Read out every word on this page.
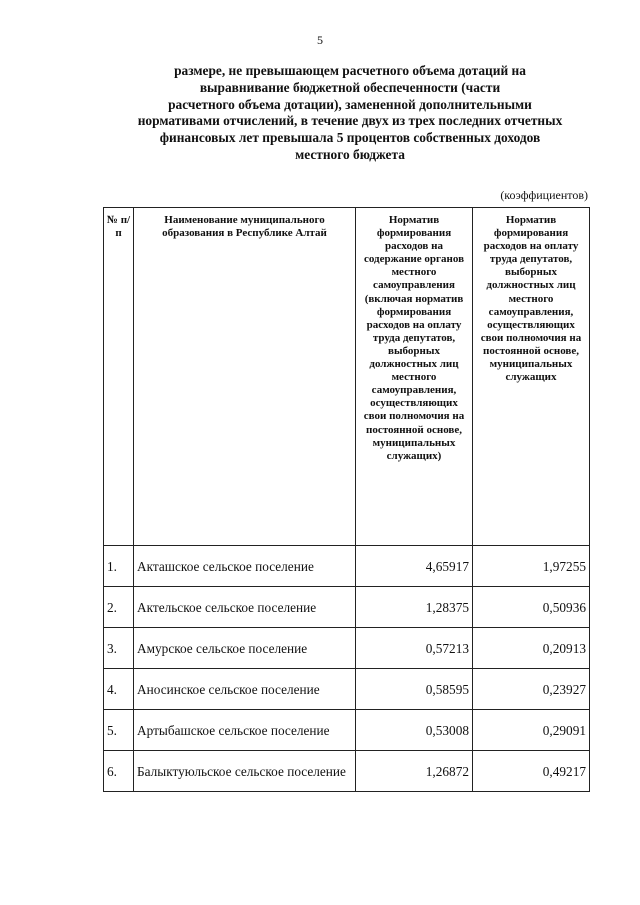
5
размере, не превышающем расчетного объема дотаций на
выравнивание бюджетной обеспеченности (части
расчетного объема дотации), замененной дополнительными
нормативами отчислений, в течение двух из трех последних отчетных
финансовых лет превышала 5 процентов собственных доходов
местного бюджета
(коэффициентов)
№ п/п	Наименование муниципального образования в Республике Алтай	Норматив формирования расходов на содержание органов местного самоуправления (включая норматив формирования расходов на оплату труда депутатов, выборных должностных лиц местного самоуправления, осуществляющих свои полномочия на постоянной основе, муниципальных служащих)	Норматив формирования расходов на оплату труда депутатов, выборных должностных лиц местного самоуправления, осуществляющих свои полномочия на постоянной основе, муниципальных служащих
1.	Акташское сельское поселение	4,65917	1,97255
2.	Актельское сельское поселение	1,28375	0,50936
3.	Амурское сельское поселение	0,57213	0,20913
4.	Аносинское сельское поселение	0,58595	0,23927
5.	Артыбашское сельское поселение	0,53008	0,29091
6.	Балыктуюльское сельское поселение	1,26872	0,49217
